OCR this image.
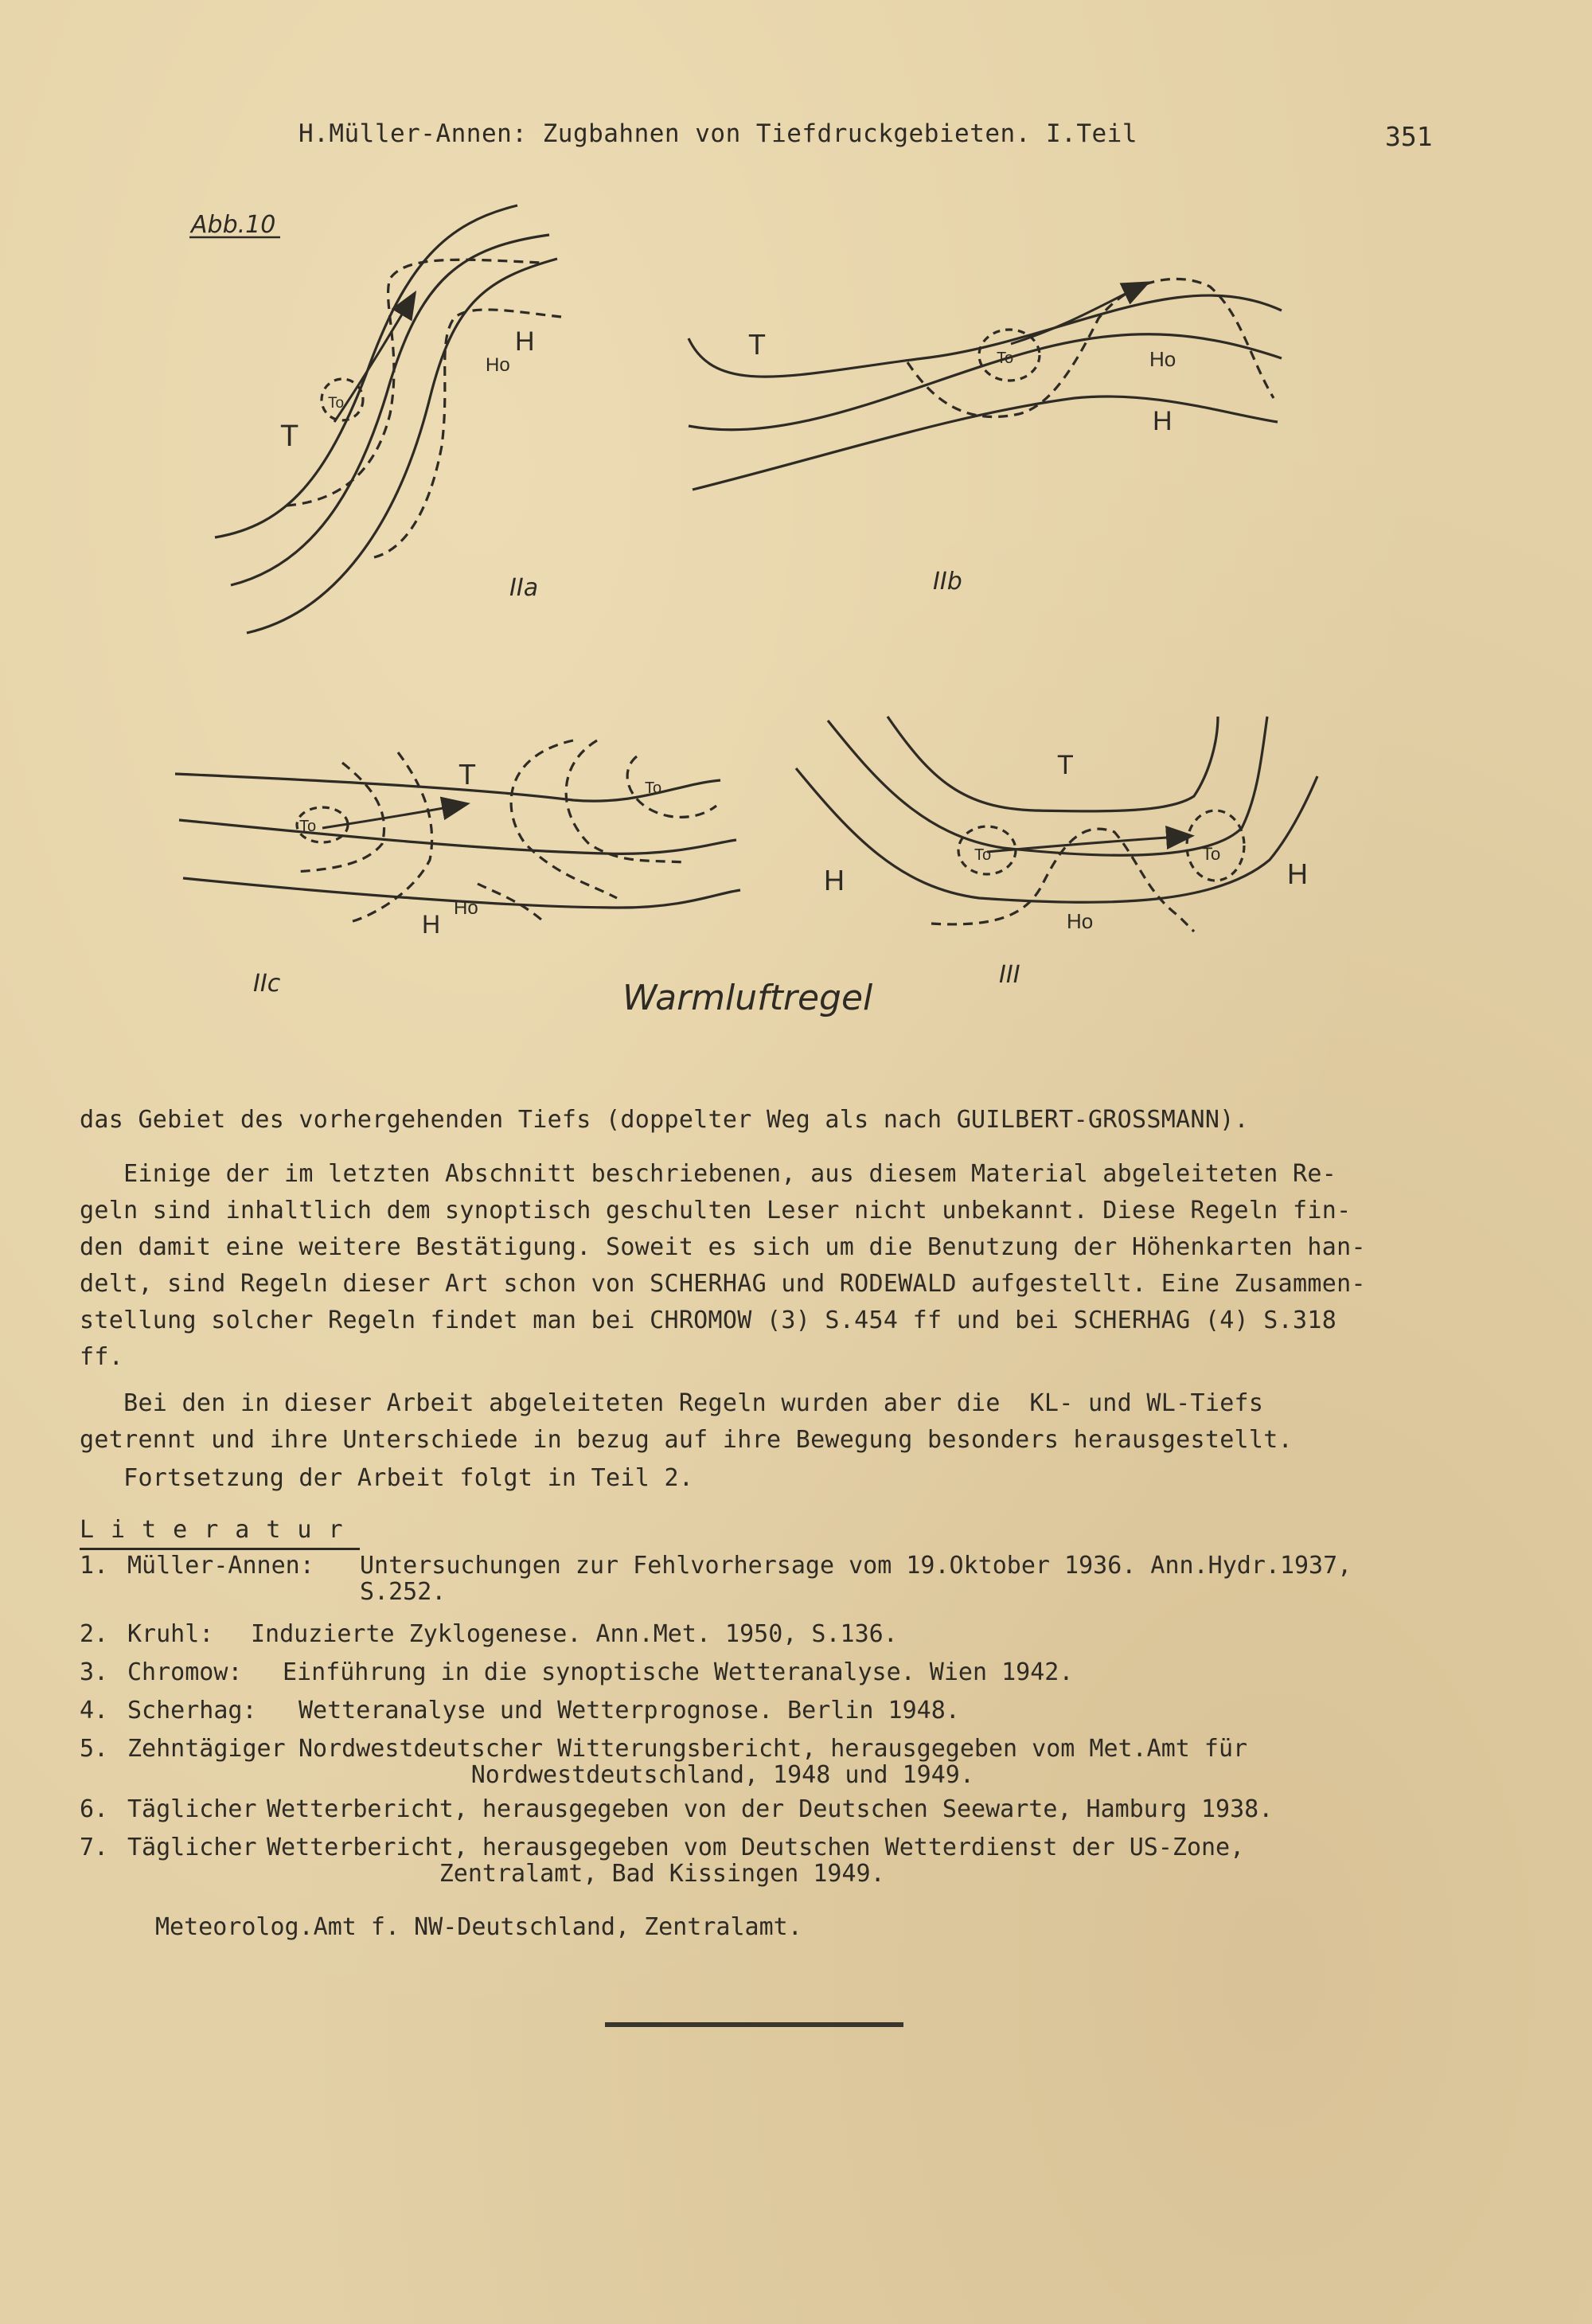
H.Müller-Annen: Zugbahnen von Tiefdruckgebieten. I.Teil	351
Abb.10
T
To
Ho
H
IIa
T	To	Ho
H
IIb
T
To
To
Ho
H
IIc
T
To	To
Ho
H	H
III
Warmluftregel
das Gebiet des vorhergehenden Tiefs (doppelter Weg als nach GUILBERT-GROSSMANN).
Einige der im letzten Abschnitt beschriebenen, aus diesem Material abgeleiteten Re-
geln sind inhaltlich dem synoptisch geschulten Leser nicht unbekannt. Diese Regeln fin-
den damit eine weitere Bestätigung. Soweit es sich um die Benutzung der Höhenkarten han-
delt, sind Regeln dieser Art schon von SCHERHAG und RODEWALD aufgestellt. Eine Zusammen-
stellung solcher Regeln findet man bei CHROMOW (3) S.454 ff und bei SCHERHAG (4) S.318
ff.
Bei den in dieser Arbeit abgeleiteten Regeln wurden aber die  KL- und WL-Tiefs
getrennt und ihre Unterschiede in bezug auf ihre Bewegung besonders herausgestellt.
Fortsetzung der Arbeit folgt in Teil 2.
Literatur
1. Müller-Annen: Untersuchungen zur Fehlvorhersage vom 19.Oktober 1936. Ann.Hydr.1937,
S.252.
2. Kruhl: Induzierte Zyklogenese. Ann.Met. 1950, S.136.
3. Chromow: Einführung in die synoptische Wetteranalyse. Wien 1942.
4. Scherhag: Wetteranalyse und Wetterprognose. Berlin 1948.
5. Zehntägiger Nordwestdeutscher Witterungsbericht, herausgegeben vom Met.Amt für
Nordwestdeutschland, 1948 und 1949.
6. Täglicher Wetterbericht, herausgegeben von der Deutschen Seewarte, Hamburg 1938.
7. Täglicher Wetterbericht, herausgegeben vom Deutschen Wetterdienst der US-Zone,
Zentralamt, Bad Kissingen 1949.
Meteorolog.Amt f. NW-Deutschland, Zentralamt.
